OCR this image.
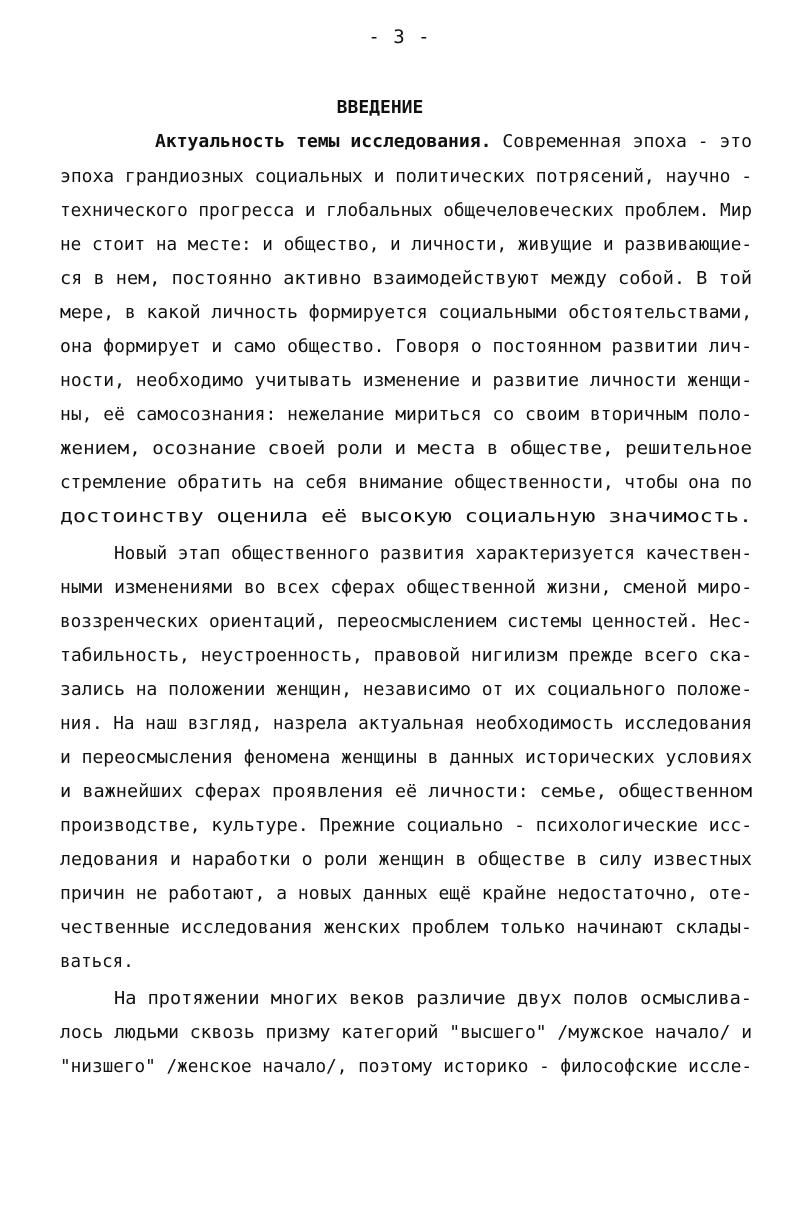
- 3 -
ВВЕДЕНИЕ
Актуальность темы исследования. Современная эпоха - это
эпоха грандиозных социальных и политических потрясений, научно -
технического прогресса и глобальных общечеловеческих проблем. Мир
не стоит на месте: и общество, и личности, живущие и развивающие-
ся в нем, постоянно активно взаимодействуют между собой. В той
мере, в какой личность формируется социальными обстоятельствами,
она формирует и само общество. Говоря о постоянном развитии лич-
ности, необходимо учитывать изменение и развитие личности женщи-
ны, её самосознания: нежелание мириться со своим вторичным поло-
жением, осознание своей роли и места в обществе, решительное
стремление обратить на себя внимание общественности, чтобы она по
достоинству оценила её высокую социальную значимость.
Новый этап общественного развития характеризуется качествен-
ными изменениями во всех сферах общественной жизни, сменой миро-
воззренческих ориентаций, переосмыслением системы ценностей. Нес-
табильность, неустроенность, правовой нигилизм прежде всего ска-
зались на положении женщин, независимо от их социального положе-
ния. На наш взгляд, назрела актуальная необходимость исследования
и переосмысления феномена женщины в данных исторических условиях
и важнейших сферах проявления её личности: семье, общественном
производстве, культуре. Прежние социально - психологические исс-
ледования и наработки о роли женщин в обществе в силу известных
причин не работают, а новых данных ещё крайне недостаточно, оте-
чественные исследования женских проблем только начинают склады-
ваться.
На протяжении многих веков различие двух полов осмыслива-
лось людьми сквозь призму категорий "высшего" /мужское начало/ и
"низшего" /женское начало/, поэтому историко - философские иссле-
